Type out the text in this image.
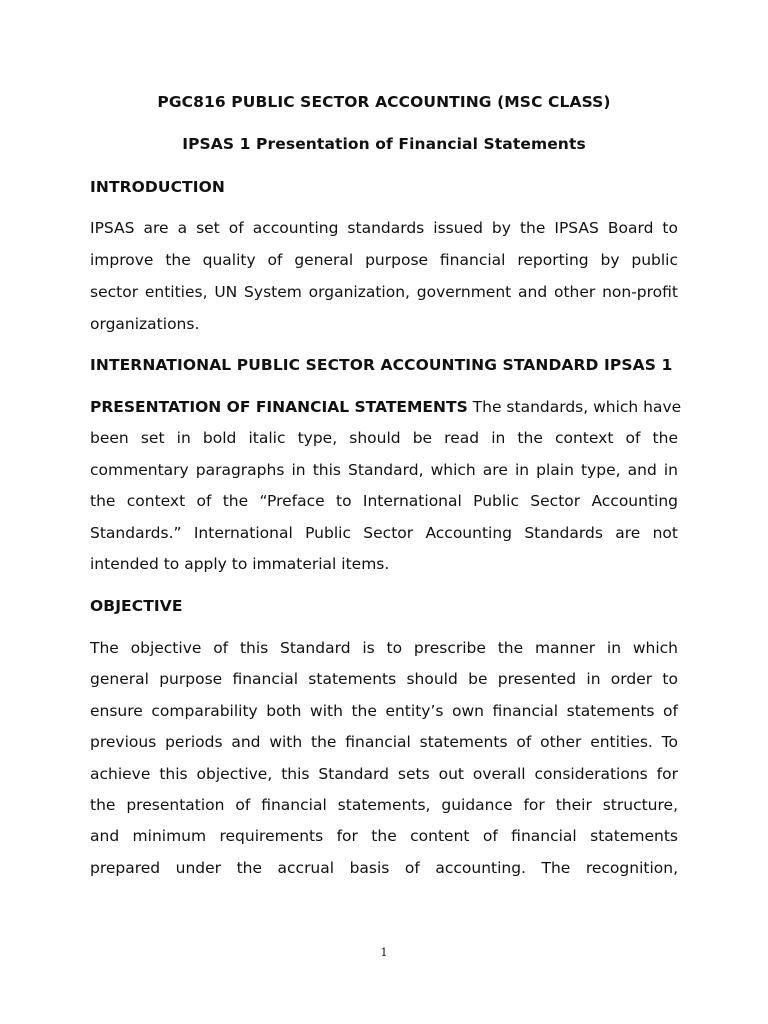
PGC816 PUBLIC SECTOR ACCOUNTING (MSC CLASS)
IPSAS 1 Presentation of Financial Statements
INTRODUCTION
IPSAS are a set of accounting standards issued by the IPSAS Board to
improve the quality of general purpose financial reporting by public
sector entities, UN System organization, government and other non-profit
organizations.
INTERNATIONAL PUBLIC SECTOR ACCOUNTING STANDARD IPSAS 1
PRESENTATION OF FINANCIAL STATEMENTS The standards, which have
been set in bold italic type, should be read in the context of the
commentary paragraphs in this Standard, which are in plain type, and in
the context of the “Preface to International Public Sector Accounting
Standards.” International Public Sector Accounting Standards are not
intended to apply to immaterial items.
OBJECTIVE
The objective of this Standard is to prescribe the manner in which
general purpose financial statements should be presented in order to
ensure comparability both with the entity’s own financial statements of
previous periods and with the financial statements of other entities. To
achieve this objective, this Standard sets out overall considerations for
the presentation of financial statements, guidance for their structure,
and minimum requirements for the content of financial statements
prepared under the accrual basis of accounting. The recognition,
1
